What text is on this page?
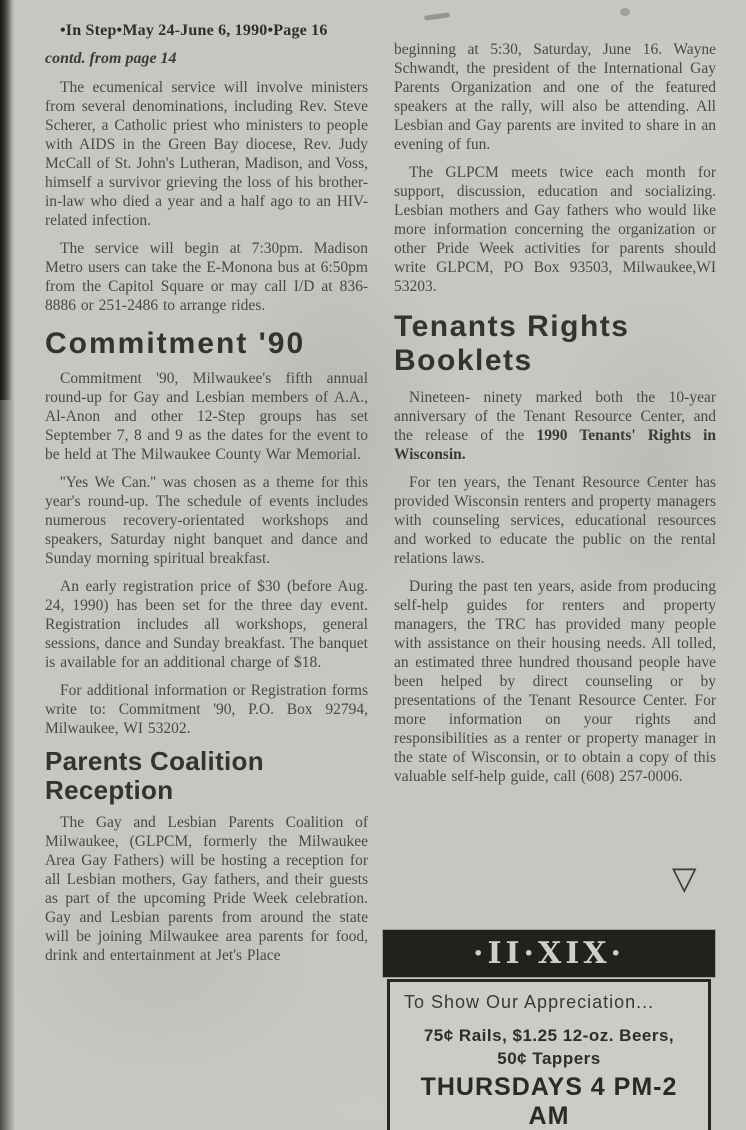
•In Step•May 24-June 6, 1990•Page 16
contd. from page 14

The ecumenical service will involve ministers from several denominations, including Rev. Steve Scherer, a Catholic priest who ministers to people with AIDS in the Green Bay diocese, Rev. Judy McCall of St. John's Lutheran, Madison, and Voss, himself a survivor grieving the loss of his brother-in-law who died a year and a half ago to an HIV-related infection.

The service will begin at 7:30pm. Madison Metro users can take the E-Monona bus at 6:50pm from the Capitol Square or may call I/D at 836-8886 or 251-2486 to arrange rides.

Commitment '90

Commitment '90, Milwaukee's fifth annual round-up for Gay and Lesbian members of A.A., Al-Anon and other 12-Step groups has set September 7, 8 and 9 as the dates for the event to be held at The Milwaukee County War Memorial.

''Yes We Can.'' was chosen as a theme for this year's round-up. The schedule of events includes numerous recovery-orientated workshops and speakers, Saturday night banquet and dance and Sunday morning spiritual breakfast.

An early registration price of $30 (before Aug. 24, 1990) has been set for the three day event. Registration includes all workshops, general sessions, dance and Sunday breakfast. The banquet is available for an additional charge of $18.

For additional information or Registration forms write to: Commitment '90, P.O. Box 92794, Milwaukee, WI 53202.

Parents Coalition Reception

The Gay and Lesbian Parents Coalition of Milwaukee, (GLPCM, formerly the Milwaukee Area Gay Fathers) will be hosting a reception for all Lesbian mothers, Gay fathers, and their guests as part of the upcoming Pride Week celebration. Gay and Lesbian parents from around the state will be joining Milwaukee area parents for food, drink and entertainment at Jet's Place

beginning at 5:30, Saturday, June 16. Wayne Schwandt, the president of the International Gay Parents Organization and one of the featured speakers at the rally, will also be attending. All Lesbian and Gay parents are invited to share in an evening of fun.

The GLPCM meets twice each month for support, discussion, education and socializing. Lesbian mothers and Gay fathers who would like more information concerning the organization or other Pride Week activities for parents should write GLPCM, PO Box 93503, Milwaukee,WI 53203.

Tenants Rights Booklets

Nineteen- ninety marked both the 10-year anniversary of the Tenant Resource Center, and the release of the 1990 Tenants' Rights in Wisconsin.

For ten years, the Tenant Resource Center has provided Wisconsin renters and property managers with counseling services, educational resources and worked to educate the public on the rental relations laws.

During the past ten years, aside from producing self-help guides for renters and property managers, the TRC has provided many people with assistance on their housing needs. All tolled, an estimated three hundred thousand people have been helped by direct counseling or by presentations of the Tenant Resource Center. For more information on your rights and responsibilities as a renter or property manager in the state of Wisconsin, or to obtain a copy of this valuable self-help guide, call (608) 257-0006.

▽
·II·XIX·
To Show Our Appreciation...
75¢ Rails, $1.25 12-oz. Beers,
50¢ Tappers
THURSDAYS 4 PM-2 AM
